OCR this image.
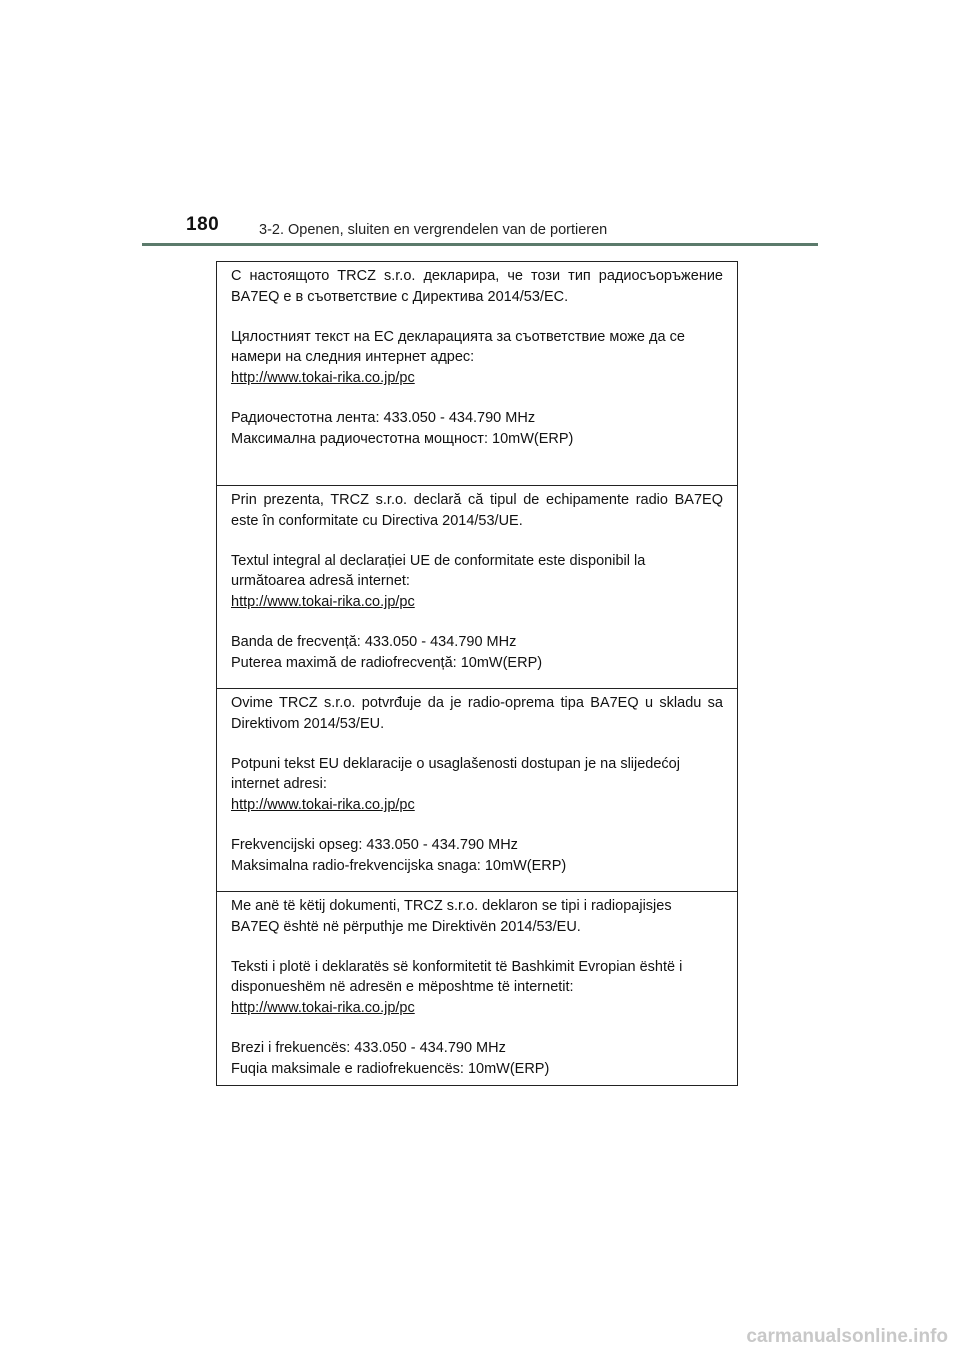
180	3-2. Openen, sluiten en vergrendelen van de portieren

С настоящото TRCZ s.r.o. декларира, че този тип радиосъоръжение BA7EQ е в съответствие с Директива 2014/53/EC.

Цялостният текст на ЕС декларацията за съответствие може да се намери на следния интернет адрес:
http://www.tokai-rika.co.jp/pc

Радиочестотна лента: 433.050 - 434.790 MHz
Максимална радиочестотна мощност: 10mW(ERP)

Prin prezenta, TRCZ s.r.o. declară că tipul de echipamente radio BA7EQ este în conformitate cu Directiva 2014/53/UE.

Textul integral al declarației UE de conformitate este disponibil la următoarea adresă internet:
http://www.tokai-rika.co.jp/pc

Banda de frecvență: 433.050 - 434.790 MHz
Puterea maximă de radiofrecvență: 10mW(ERP)

Ovime TRCZ s.r.o. potvrđuje da je radio-oprema tipa BA7EQ u skladu sa Direktivom 2014/53/EU.

Potpuni tekst EU deklaracije o usaglašenosti dostupan je na slijedećoj internet adresi:
http://www.tokai-rika.co.jp/pc

Frekvencijski opseg: 433.050 - 434.790 MHz
Maksimalna radio-frekvencijska snaga: 10mW(ERP)

Me anë të këtij dokumenti, TRCZ s.r.o. deklaron se tipi i radiopajisjes BA7EQ është në përputhje me Direktivën 2014/53/EU.

Teksti i plotë i deklaratës së konformitetit të Bashkimit Evropian është i disponueshëm në adresën e mëposhtme të internetit:
http://www.tokai-rika.co.jp/pc

Brezi i frekuencës: 433.050 - 434.790 MHz
Fuqia maksimale e radiofrekuencës: 10mW(ERP)

carmanualsonline.info
